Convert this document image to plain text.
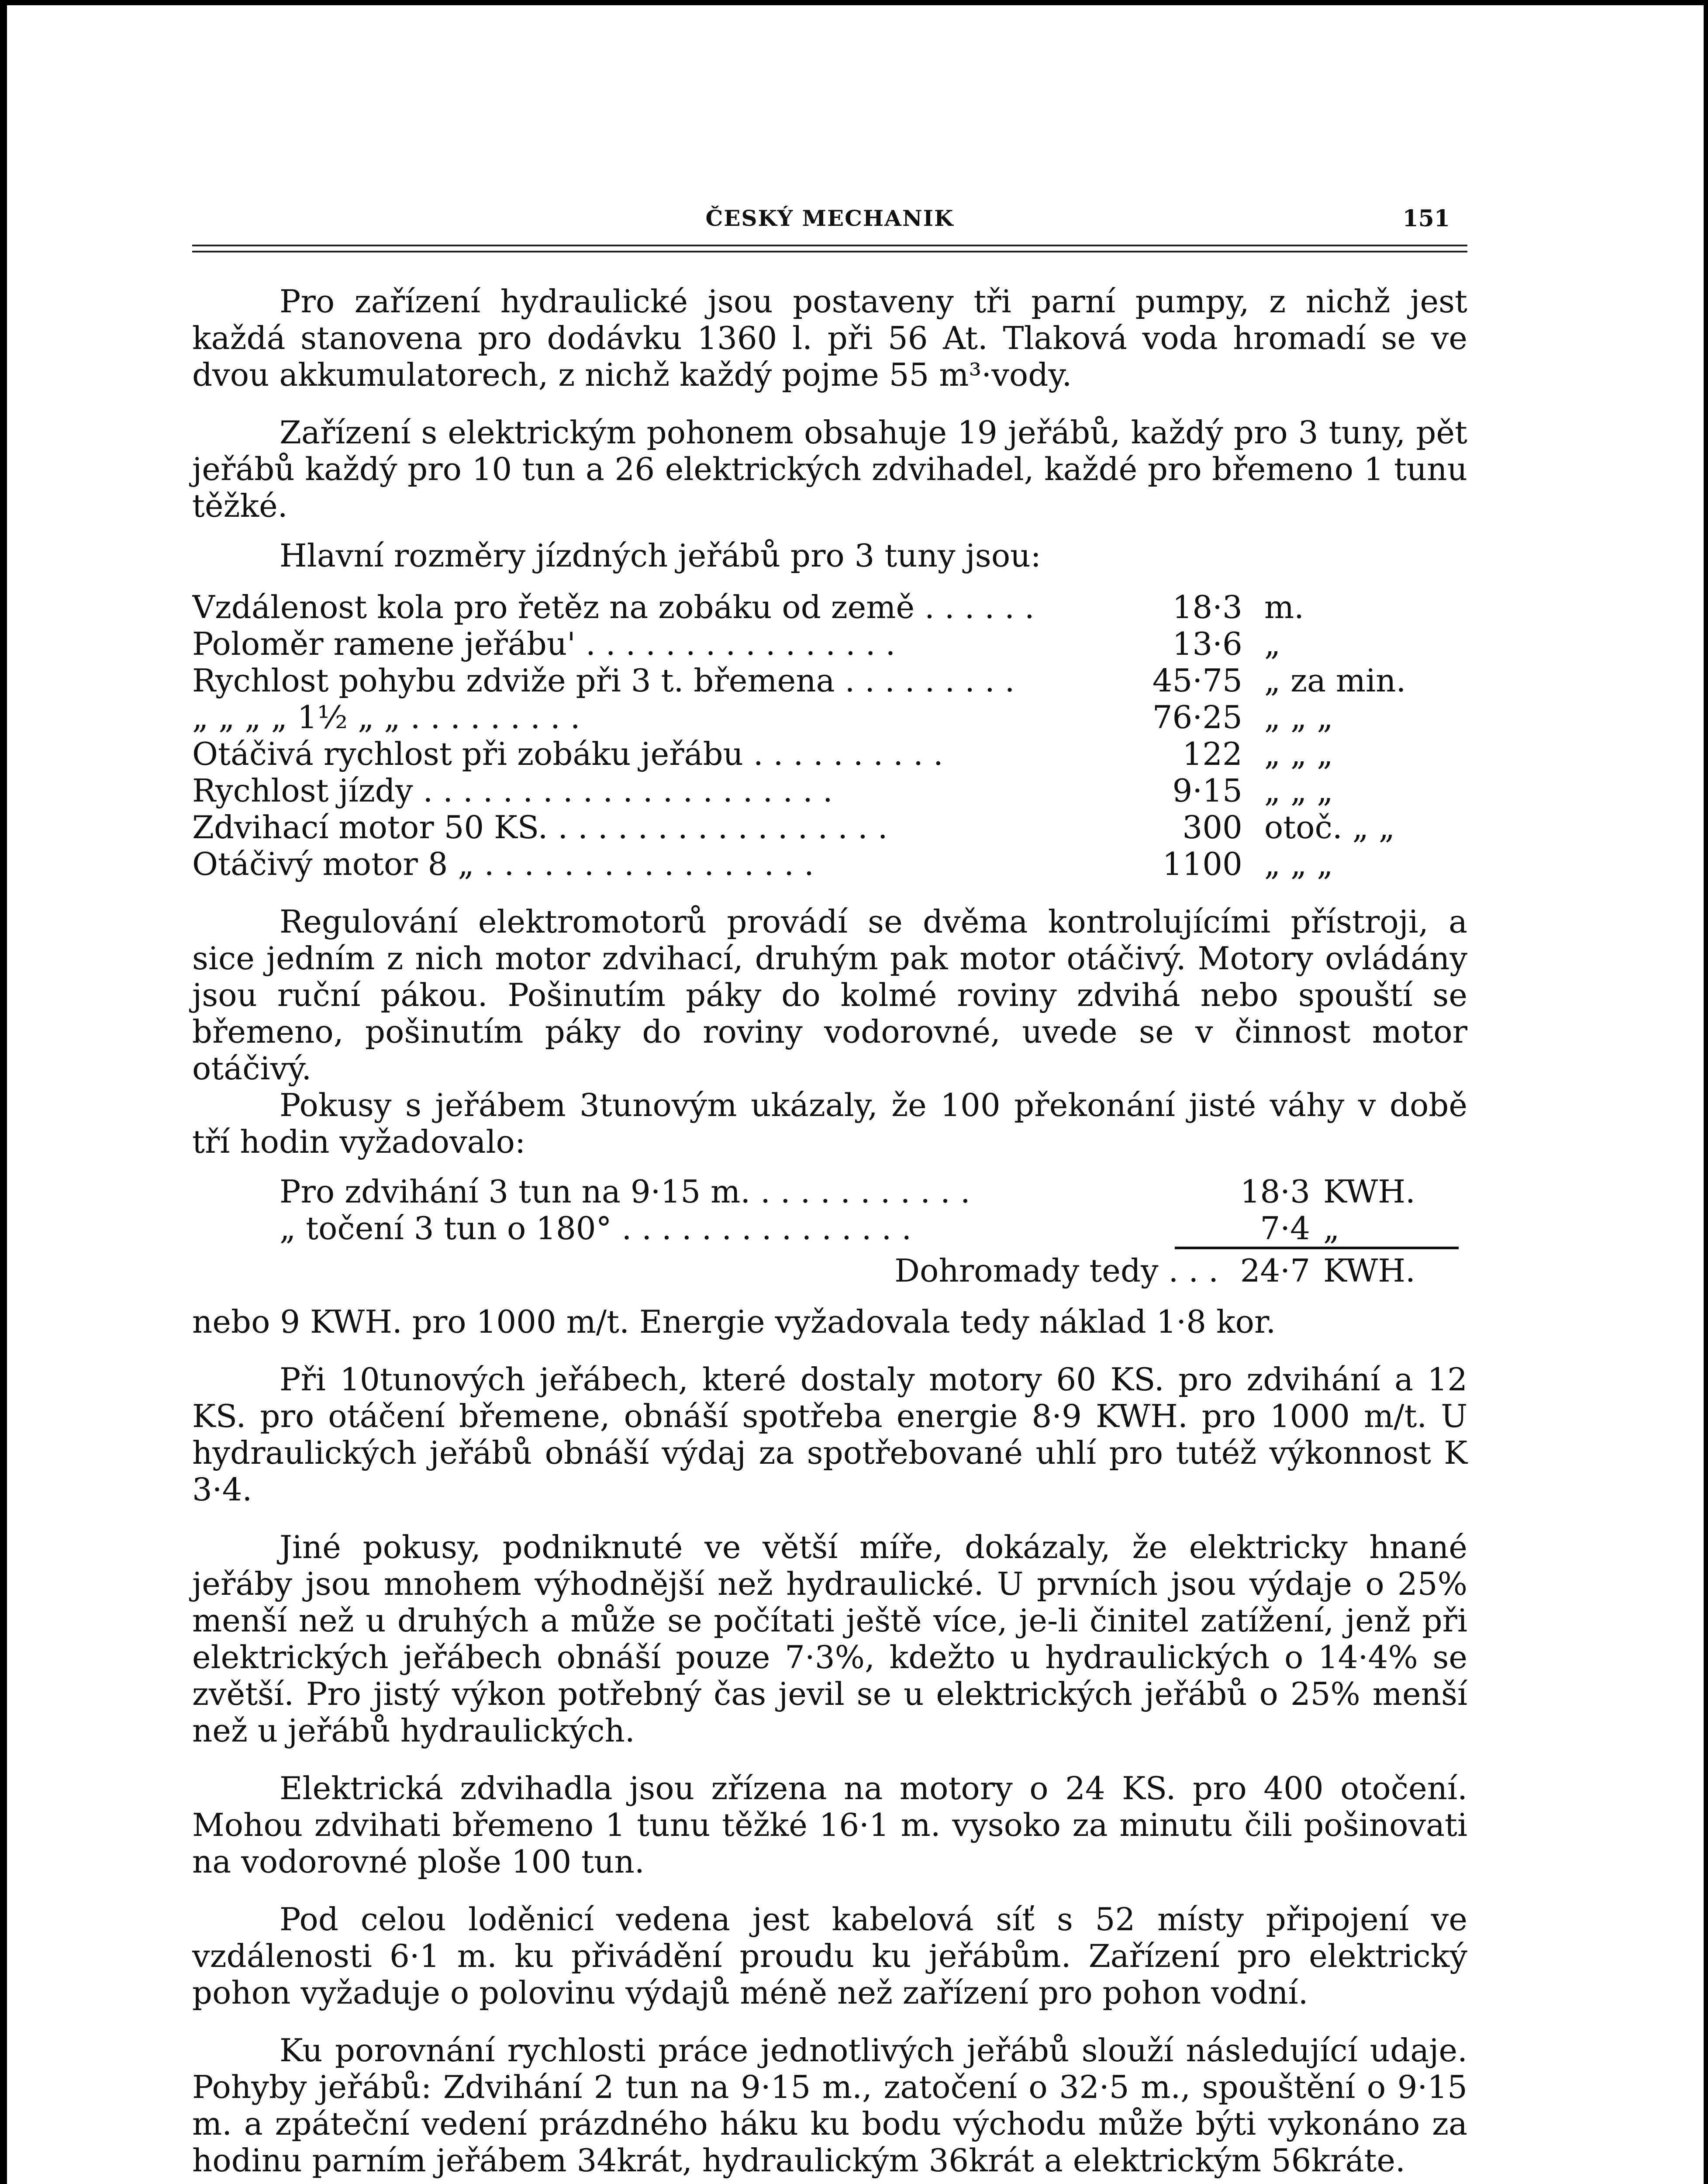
ČESKÝ MECHANIK	151

Pro zařízení hydraulické jsou postaveny tři parní pumpy, z nichž jest každá stanovena pro dodávku 1360 l. při 56 At. Tlaková voda hromadí se ve dvou akkumulatorech, z nichž každý pojme 55 m³·vody.

Zařízení s elektrickým pohonem obsahuje 19 jeřábů, každý pro 3 tuny, pět jeřábů každý pro 10 tun a 26 elektrických zdvihadel, každé pro břemeno 1 tunu těžké.

Hlavní rozměry jízdných jeřábů pro 3 tuny jsou:

Vzdálenost kola pro řetěz na zobáku od země . . . . . .	18·3 m.
Poloměr ramene jeřábu' . . . . . . . . . . . . . . . .	13·6 „
Rychlost pohybu zdviže při 3 t. břemena . . . . . . . . .	45·75 „ za min.
„ „ „ „ 1½ „ „ . . . . . . . . .	76·25 „ „ „
Otáčivá rychlost při zobáku jeřábu . . . . . . . . . .	122 „ „ „
Rychlost jízdy . . . . . . . . . . . . . . . . . . . . .	9·15 „ „ „
Zdvihací motor 50 KS. . . . . . . . . . . . . . . . . .	300 otoč. „ „
Otáčivý motor 8 „ . . . . . . . . . . . . . . . . .	1100 „ „ „

Regulování elektromotorů provádí se dvěma kontrolujícími přístroji, a sice jedním z nich motor zdvihací, druhým pak motor otáčivý. Motory ovládány jsou ruční pákou. Pošinutím páky do kolmé roviny zdvihá nebo spouští se břemeno, pošinutím páky do roviny vodorovné, uvede se v činnost motor otáčivý.

Pokusy s jeřábem 3tunovým ukázaly, že 100 překonání jisté váhy v době tří hodin vyžadovalo:

Pro zdvihání 3 tun na 9·15 m. . . . . . . . . . . .	18·3 KWH.
„ točení 3 tun o 180° . . . . . . . . . . . . . . .	7·4 „
Dohromady tedy . . . 24·7 KWH.

nebo 9 KWH. pro 1000 m/t. Energie vyžadovala tedy náklad 1·8 kor.

Při 10tunových jeřábech, které dostaly motory 60 KS. pro zdvihání a 12 KS. pro otáčení břemene, obnáší spotřeba energie 8·9 KWH. pro 1000 m/t. U hydraulických jeřábů obnáší výdaj za spotřebované uhlí pro tutéž výkonnost K 3·4.

Jiné pokusy, podniknuté ve větší míře, dokázaly, že elektricky hnané jeřáby jsou mnohem výhodnější než hydraulické. U prvních jsou výdaje o 25% menší než u druhých a může se počítati ještě více, je-li činitel zatížení, jenž při elektrických jeřábech obnáší pouze 7·3%, kdežto u hydraulických o 14·4% se zvětší. Pro jistý výkon potřebný čas jevil se u elektrických jeřábů o 25% menší než u jeřábů hydraulických.

Elektrická zdvihadla jsou zřízena na motory o 24 KS. pro 400 otočení. Mohou zdvihati břemeno 1 tunu těžké 16·1 m. vysoko za minutu čili pošinovati na vodorovné ploše 100 tun.

Pod celou loděnicí vedena jest kabelová síť s 52 místy připojení ve vzdálenosti 6·1 m. ku přivádění proudu ku jeřábům. Zařízení pro elektrický pohon vyžaduje o polovinu výdajů méně než zařízení pro pohon vodní.

Ku porovnání rychlosti práce jednotlivých jeřábů slouží následující udaje. Pohyby jeřábů: Zdvihání 2 tun na 9·15 m., zatočení o 32·5 m., spouštění o 9·15 m. a zpáteční vedení prázdného háku ku bodu východu může býti vykonáno za hodinu parním jeřábem 34krát, hydraulickým 36krát a elektrickým 56kráte.
